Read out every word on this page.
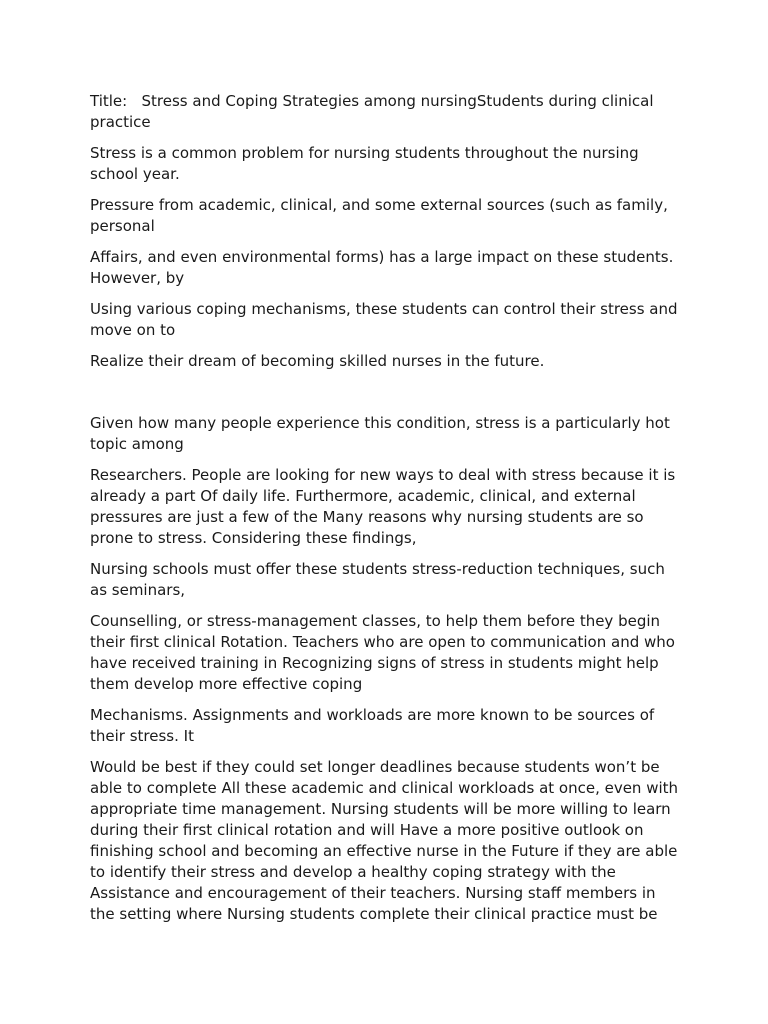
Title:   Stress and Coping Strategies among nursingStudents during clinical practice

Stress is a common problem for nursing students throughout the nursing school year.

Pressure from academic, clinical, and some external sources (such as family, personal

Affairs, and even environmental forms) has a large impact on these students. However, by

Using various coping mechanisms, these students can control their stress and move on to

Realize their dream of becoming skilled nurses in the future.

Given how many people experience this condition, stress is a particularly hot topic among

Researchers. People are looking for new ways to deal with stress because it is already a part Of daily life. Furthermore, academic, clinical, and external pressures are just a few of the Many reasons why nursing students are so prone to stress. Considering these findings,

Nursing schools must offer these students stress-reduction techniques, such as seminars,

Counselling, or stress-management classes, to help them before they begin their first clinical Rotation. Teachers who are open to communication and who have received training in Recognizing signs of stress in students might help them develop more effective coping

Mechanisms. Assignments and workloads are more known to be sources of their stress. It

Would be best if they could set longer deadlines because students won’t be able to complete All these academic and clinical workloads at once, even with appropriate time management. Nursing students will be more willing to learn during their first clinical rotation and will Have a more positive outlook on finishing school and becoming an effective nurse in the Future if they are able to identify their stress and develop a healthy coping strategy with the Assistance and encouragement of their teachers. Nursing staff members in the setting where Nursing students complete their clinical practice must be
